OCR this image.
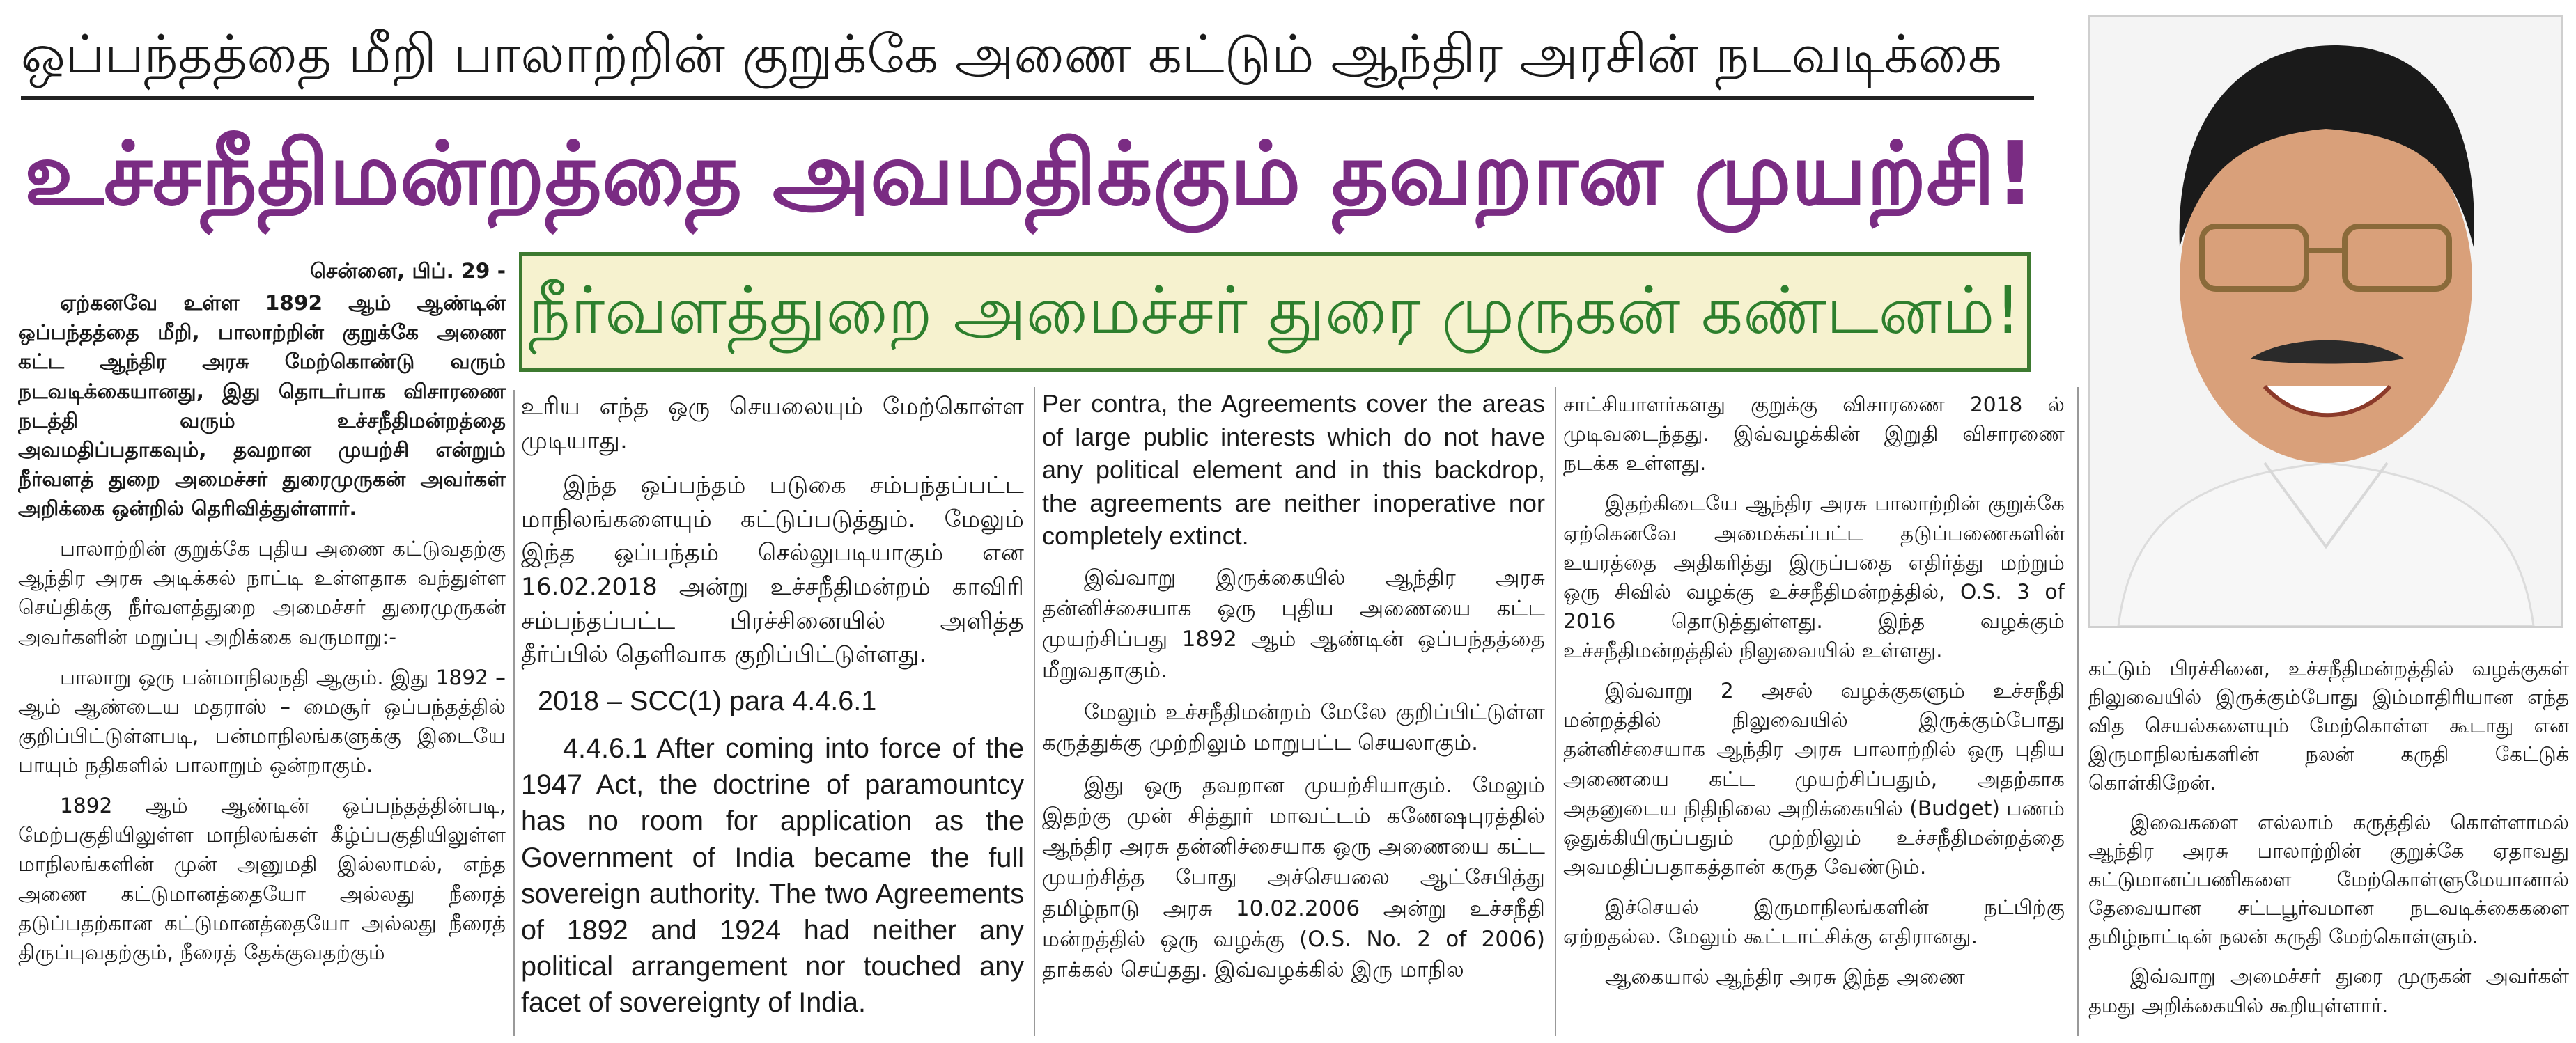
ஒப்பந்தத்தை மீறி பாலாற்றின் குறுக்கே அணை கட்டும் ஆந்திர அரசின் நடவடிக்கை
உச்சநீதிமன்றத்தை அவமதிக்கும் தவறான முயற்சி!
நீர்வளத்துறை அமைச்சர் துரை முருகன் கண்டனம்!

சென்னை, பிப். 29 -

ஏற்கனவே உள்ள 1892 ஆம் ஆண்டின் ஒப்பந்தத்தை மீறி, பாலாற்றின் குறுக்கே அணை கட்ட ஆந்திர அரசு மேற்கொண்டு வரும் நடவடிக்கையானது, இது தொடர்பாக விசாரணை நடத்தி வரும் உச்சநீதிமன்றத்தை அவமதிப்பதாகவும், தவறான முயற்சி என்றும் நீர்வளத் துறை அமைச்சர் துரைமுருகன் அவர்கள் அறிக்கை ஒன்றில் தெரிவித்துள்ளார்.

பாலாற்றின் குறுக்கே புதிய அணை கட்டுவதற்கு ஆந்திர அரசு அடிக்கல் நாட்டி உள்ளதாக வந்துள்ள செய்திக்கு நீர்வளத்துறை அமைச்சர் துரைமுருகன் அவர்களின் மறுப்பு அறிக்கை வருமாறு:-

பாலாறு ஒரு பன்மாநிலநதி ஆகும். இது 1892 – ஆம் ஆண்டைய மதராஸ் – மைசூர் ஒப்பந்தத்தில் குறிப்பிட்டுள்ளபடி, பன்மாநிலங்களுக்கு இடையே பாயும் நதிகளில் பாலாறும் ஒன்றாகும்.

1892 ஆம் ஆண்டின் ஒப்பந்தத்தின்படி, மேற்பகுதியிலுள்ள மாநிலங்கள் கீழ்ப்பகுதியிலுள்ள மாநிலங்களின் முன் அனுமதி இல்லாமல், எந்த அணை கட்டுமானத்தையோ அல்லது நீரைத் தடுப்பதற்கான கட்டுமானத்தையோ அல்லது நீரைத் திருப்புவதற்கும், நீரைத் தேக்குவதற்கும்

உரிய எந்த ஒரு செயலையும் மேற்கொள்ள முடியாது.

இந்த ஒப்பந்தம் படுகை சம்பந்தப்பட்ட மாநிலங்களையும் கட்டுப்படுத்தும். மேலும் இந்த ஒப்பந்தம் செல்லுபடியாகும் என 16.02.2018 அன்று உச்சநீதிமன்றம் காவிரி சம்பந்தப்பட்ட பிரச்சினையில் அளித்த தீர்ப்பில் தெளிவாக குறிப்பிட்டுள்ளது.

2018 – SCC(1) para 4.4.6.1

4.4.6.1 After coming into force of the 1947 Act, the doctrine of paramountcy has no room for application as the Government of India became the full sovereign authority. The two Agreements of 1892 and 1924 had neither any political arrangement nor touched any facet of sovereignty of India.

Per contra, the Agreements cover the areas of large public interests which do not have any political element and in this backdrop, the agreements are neither inoperative nor completely extinct.

இவ்வாறு இருக்கையில் ஆந்திர அரசு தன்னிச்சையாக ஒரு புதிய அணையை கட்ட முயற்சிப்பது 1892 ஆம் ஆண்டின் ஒப்பந்தத்தை மீறுவதாகும்.

மேலும் உச்சநீதிமன்றம் மேலே குறிப்பிட்டுள்ள கருத்துக்கு முற்றிலும் மாறுபட்ட செயலாகும்.

இது ஒரு தவறான முயற்சியாகும். மேலும் இதற்கு முன் சித்தூர் மாவட்டம் கணேஷபுரத்தில் ஆந்திர அரசு தன்னிச்சையாக ஒரு அணையை கட்ட முயற்சித்த போது அச்செயலை ஆட்சேபித்து தமிழ்நாடு அரசு 10.02.2006 அன்று உச்சநீதி மன்றத்தில் ஒரு வழக்கு (O.S. No. 2 of 2006) தாக்கல் செய்தது. இவ்வழக்கில் இரு மாநில

சாட்சியாளர்களது குறுக்கு விசாரணை 2018 ல் முடிவடைந்தது. இவ்வழக்கின் இறுதி விசாரணை நடக்க உள்ளது.

இதற்கிடையே ஆந்திர அரசு பாலாற்றின் குறுக்கே ஏற்கெனவே அமைக்கப்பட்ட தடுப்பணைகளின் உயரத்தை அதிகரித்து இருப்பதை எதிர்த்து மற்றும் ஒரு சிவில் வழக்கு உச்சநீதிமன்றத்தில், O.S. 3 of 2016 தொடுத்துள்ளது. இந்த வழக்கும் உச்சநீதிமன்றத்தில் நிலுவையில் உள்ளது.

இவ்வாறு 2 அசல் வழக்குகளும் உச்சநீதி மன்றத்தில் நிலுவையில் இருக்கும்போது தன்னிச்சையாக ஆந்திர அரசு பாலாற்றில் ஒரு புதிய அணையை கட்ட முயற்சிப்பதும், அதற்காக அதனுடைய நிதிநிலை அறிக்கையில் (Budget) பணம் ஒதுக்கியிருப்பதும் முற்றிலும் உச்சநீதிமன்றத்தை அவமதிப்பதாகத்தான் கருத வேண்டும்.

இச்செயல் இருமாநிலங்களின் நட்பிற்கு ஏற்றதல்ல. மேலும் கூட்டாட்சிக்கு எதிரானது.

ஆகையால் ஆந்திர அரசு இந்த அணை

கட்டும் பிரச்சினை, உச்சநீதிமன்றத்தில் வழக்குகள் நிலுவையில் இருக்கும்போது இம்மாதிரியான எந்த வித செயல்களையும் மேற்கொள்ள கூடாது என இருமாநிலங்களின் நலன் கருதி கேட்டுக் கொள்கிறேன்.

இவைகளை எல்லாம் கருத்தில் கொள்ளாமல் ஆந்திர அரசு பாலாற்றின் குறுக்கே ஏதாவது கட்டுமானப்பணிகளை மேற்கொள்ளுமேயானால் தேவையான சட்டபூர்வமான நடவடிக்கைகளை தமிழ்நாட்டின் நலன் கருதி மேற்கொள்ளும்.

இவ்வாறு அமைச்சர் துரை முருகன் அவர்கள் தமது அறிக்கையில் கூறியுள்ளார்.
